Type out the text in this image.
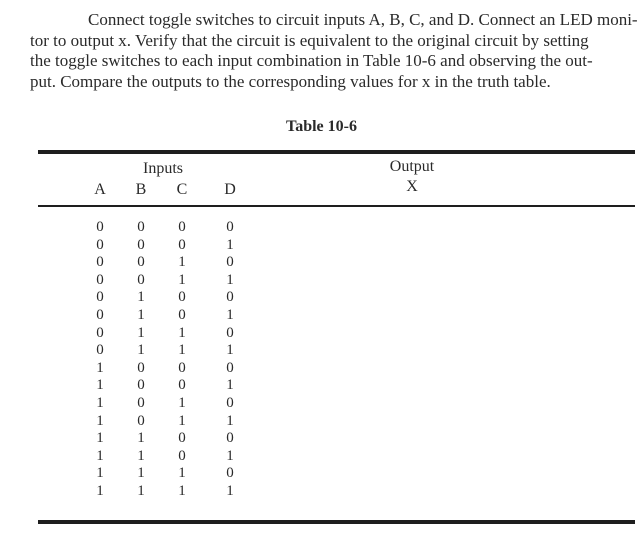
Connect toggle switches to circuit inputs A, B, C, and D. Connect an LED moni-
tor to output x. Verify that the circuit is equivalent to the original circuit by setting
the toggle switches to each input combination in Table 10-6 and observing the out-
put. Compare the outputs to the corresponding values for x in the truth table.
Table 10-6
Inputs	Output
X
A B C D
0	0	0	0
0	0	0	1
0	0	1	0
0	0	1	1
0	1	0	0
0	1	0	1
0	1	1	0
0	1	1	1
1	0	0	0
1	0	0	1
1	0	1	0
1	0	1	1
1	1	0	0
1	1	0	1
1	1	1	0
1	1	1	1
